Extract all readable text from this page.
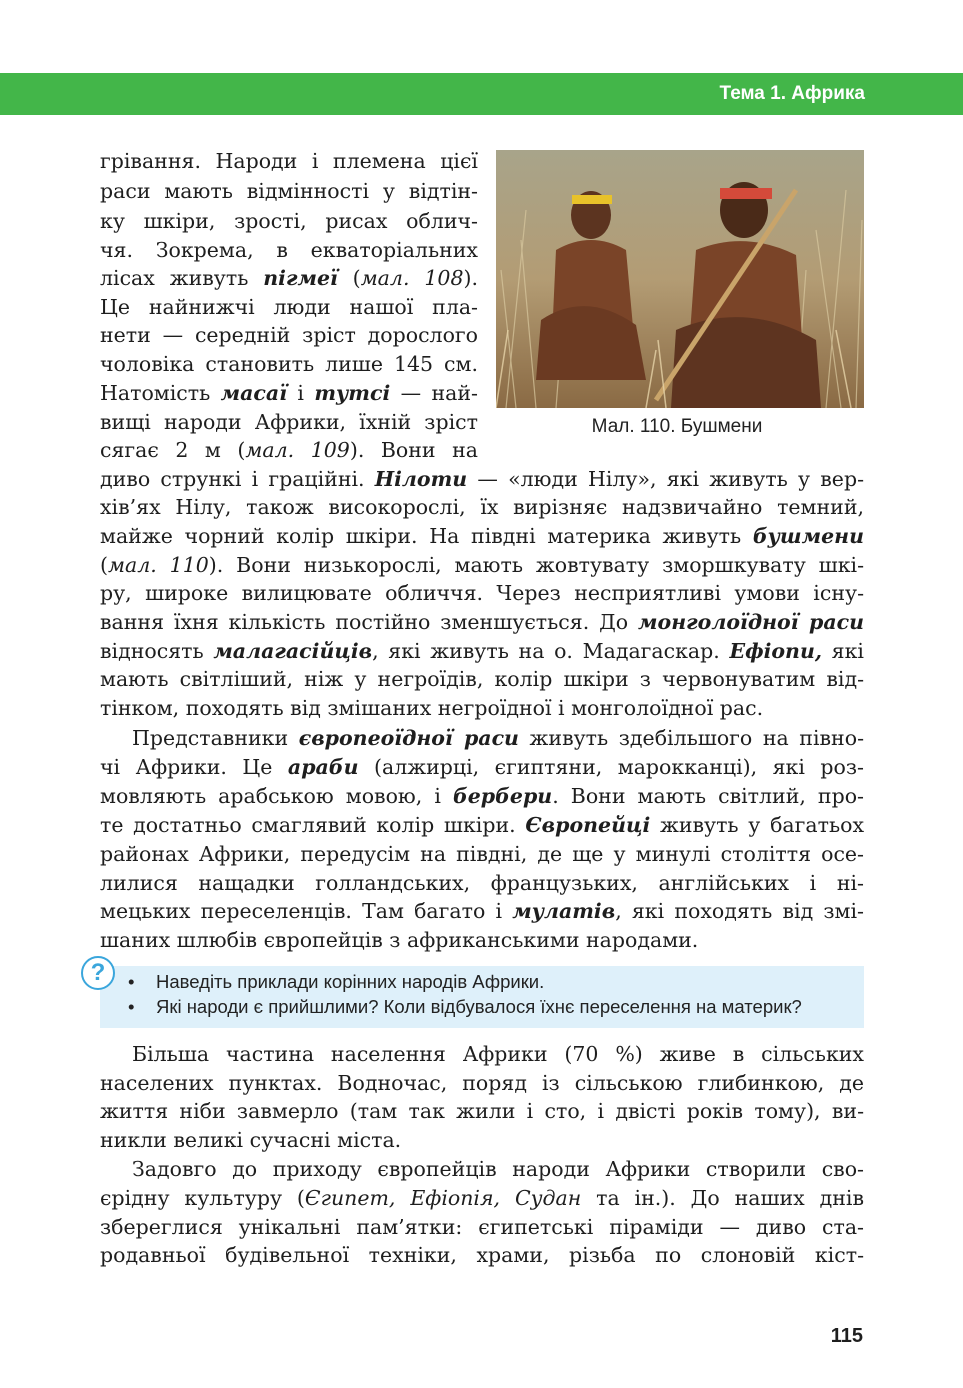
Тема 1. Африка
Мал. 110. Бушмени
грівання. Народи і племена цієї
раси мають відмінності у відтін-
ку шкіри, зрості, рисах облич-
чя. Зокрема, в екваторіальних
лісах живуть пігмеї (мал. 108).
Це найнижчі люди нашої пла-
нети — середній зріст дорослого
чоловіка становить лише 145 см.
Натомість масаї і тутсі — най-
вищі народи Африки, їхній зріст
сягає 2 м (мал. 109). Вони на
диво стрункі і граційні. Нілоти — «люди Нілу», які живуть у вер-
хів’ях Нілу, також високорослі, їх вирізняє надзвичайно темний,
майже чорний колір шкіри. На півдні материка живуть бушмени
(мал. 110). Вони низькорослі, мають жовтувату зморшкувату шкі-
ру, широке вилицювате обличчя. Через несприятливі умови існу-
вання їхня кількість постійно зменшується. До монголоїдної раси
відносять малагасійців, які живуть на о. Мадагаскар. Ефіопи, які
мають світліший, ніж у негроїдів, колір шкіри з червонуватим від-
тінком, походять від змішаних негроїдної і монголоїдної рас.
Представники європеоїдної раси живуть здебільшого на півно-
чі Африки. Це араби (алжирці, єгиптяни, марокканці), які роз-
мовляють арабською мовою, і бербери. Вони мають світлий, про-
те достатньо смаглявий колір шкіри. Європейці живуть у багатьох
районах Африки, передусім на півдні, де ще у минулі століття осе-
лилися нащадки голландських, французьких, англійських і ні-
мецьких переселенців. Там багато і мулатів, які походять від змі-
шаних шлюбів європейців з африканськими народами.
?	• Наведіть приклади корінних народів Африки.
• Які народи є прийшлими? Коли відбувалося їхнє переселення на материк?
Більша частина населення Африки (70 %) живе в сільських
населених пунктах. Водночас, поряд із сільською глибинкою, де
життя ніби завмерло (там так жили і сто, і двісті років тому), ви-
никли великі сучасні міста.
Задовго до приходу європейців народи Африки створили сво-
єрідну культуру (Єгипет, Ефіопія, Судан та ін.). До наших днів
збереглися унікальні пам’ятки: єгипетські піраміди — диво ста-
родавньої будівельної техніки, храми, різьба по слоновій кіст-
115
